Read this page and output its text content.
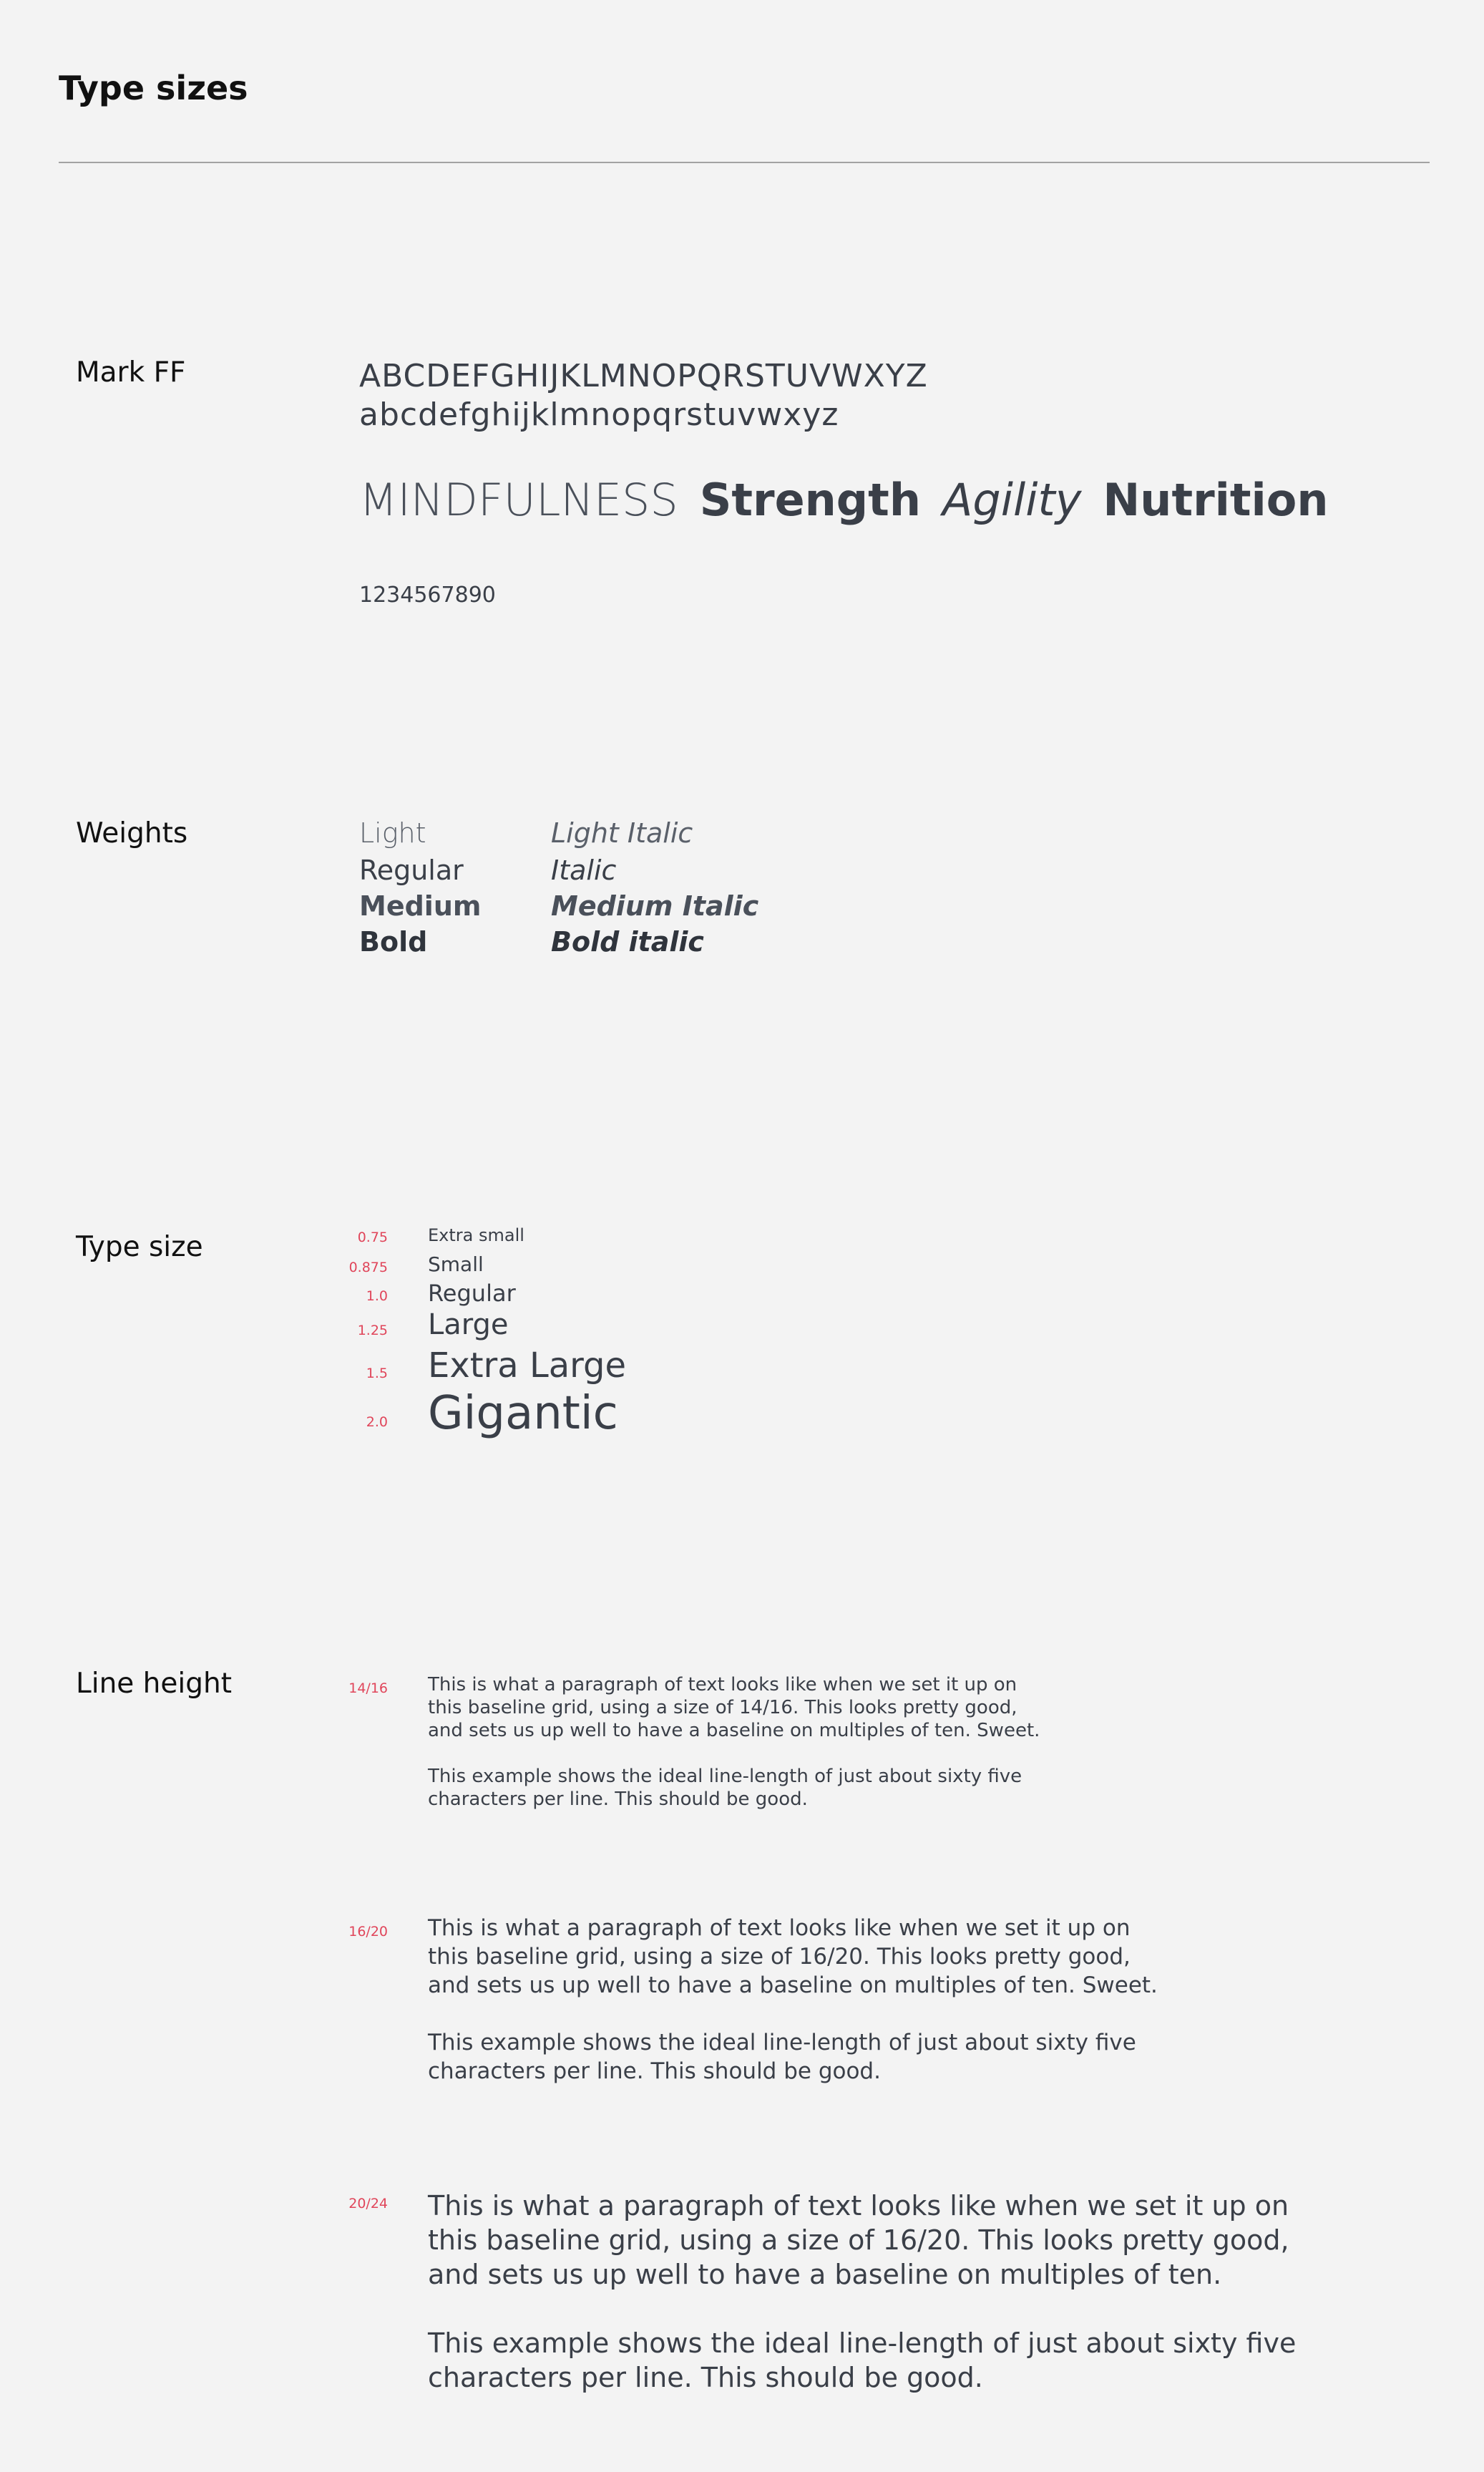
Type sizes
Mark FF	ABCDEFGHIJKLMNOPQRSTUVWXYZ
abcdefghijklmnopqrstuvwxyz
MINDFULNESS Strength Agility Nutrition
1234567890
Weights	Light	Light Italic
Regular	Italic
Medium	Medium Italic
Bold	Bold italic
Type size	0.75 Extra small
0.875 Small
1.0 Regular
1.25 Large
1.5 Extra Large
2.0 Gigantic
Line height	14/16 This is what a paragraph of text looks like when we set it up on
this baseline grid, using a size of 14/16. This looks pretty good,
and sets us up well to have a baseline on multiples of ten. Sweet.
This example shows the ideal line-length of just about sixty five
characters per line. This should be good.
16/20 This is what a paragraph of text looks like when we set it up on
this baseline grid, using a size of 16/20. This looks pretty good,
and sets us up well to have a baseline on multiples of ten. Sweet.
This example shows the ideal line-length of just about sixty five
characters per line. This should be good.
20/24 This is what a paragraph of text looks like when we set it up on
this baseline grid, using a size of 16/20. This looks pretty good,
and sets us up well to have a baseline on multiples of ten.
This example shows the ideal line-length of just about sixty five
characters per line. This should be good.
